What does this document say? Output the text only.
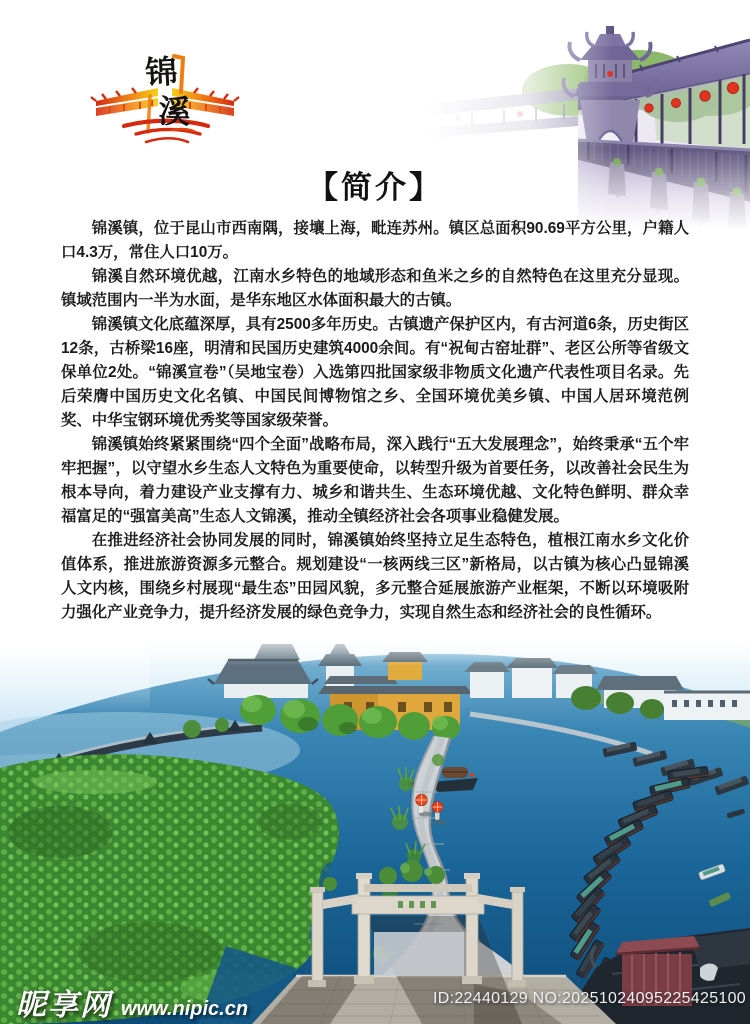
锦
溪
【简介】

锦溪镇，位于昆山市西南隅，接壤上海，毗连苏州。镇区总面积90.69平方公里，户籍人口4.3万，常住人口10万。

锦溪自然环境优越，江南水乡特色的地域形态和鱼米之乡的自然特色在这里充分显现。镇域范围内一半为水面，是华东地区水体面积最大的古镇。

锦溪镇文化底蕴深厚，具有2500多年历史。古镇遗产保护区内，有古河道6条，历史街区12条，古桥梁16座，明清和民国历史建筑4000余间。有“祝甸古窑址群”、老区公所等省级文保单位2处。“锦溪宣卷”（吴地宝卷）入选第四批国家级非物质文化遗产代表性项目名录。先后荣膺中国历史文化名镇、中国民间博物馆之乡、全国环境优美乡镇、中国人居环境范例奖、中华宝钢环境优秀奖等国家级荣誉。

锦溪镇始终紧紧围绕“四个全面”战略布局，深入践行“五大发展理念”，始终秉承“五个牢牢把握”，以守望水乡生态人文特色为重要使命，以转型升级为首要任务，以改善社会民生为根本导向，着力建设产业支撑有力、城乡和谐共生、生态环境优越、文化特色鲜明、群众幸福富足的“强富美高”生态人文锦溪，推动全镇经济社会各项事业稳健发展。

在推进经济社会协同发展的同时，锦溪镇始终坚持立足生态特色，植根江南水乡文化价值体系，推进旅游资源多元整合。规划建设“一核两线三区”新格局，以古镇为核心凸显锦溪人文内核，围绕乡村展现“最生态”田园风貌，多元整合延展旅游产业框架，不断以环境吸附力强化产业竞争力，提升经济发展的绿色竞争力，实现自然生态和经济社会的良性循环。

昵享网 www.nipic.cn	ID:22440129 NO:20251024095225425100
